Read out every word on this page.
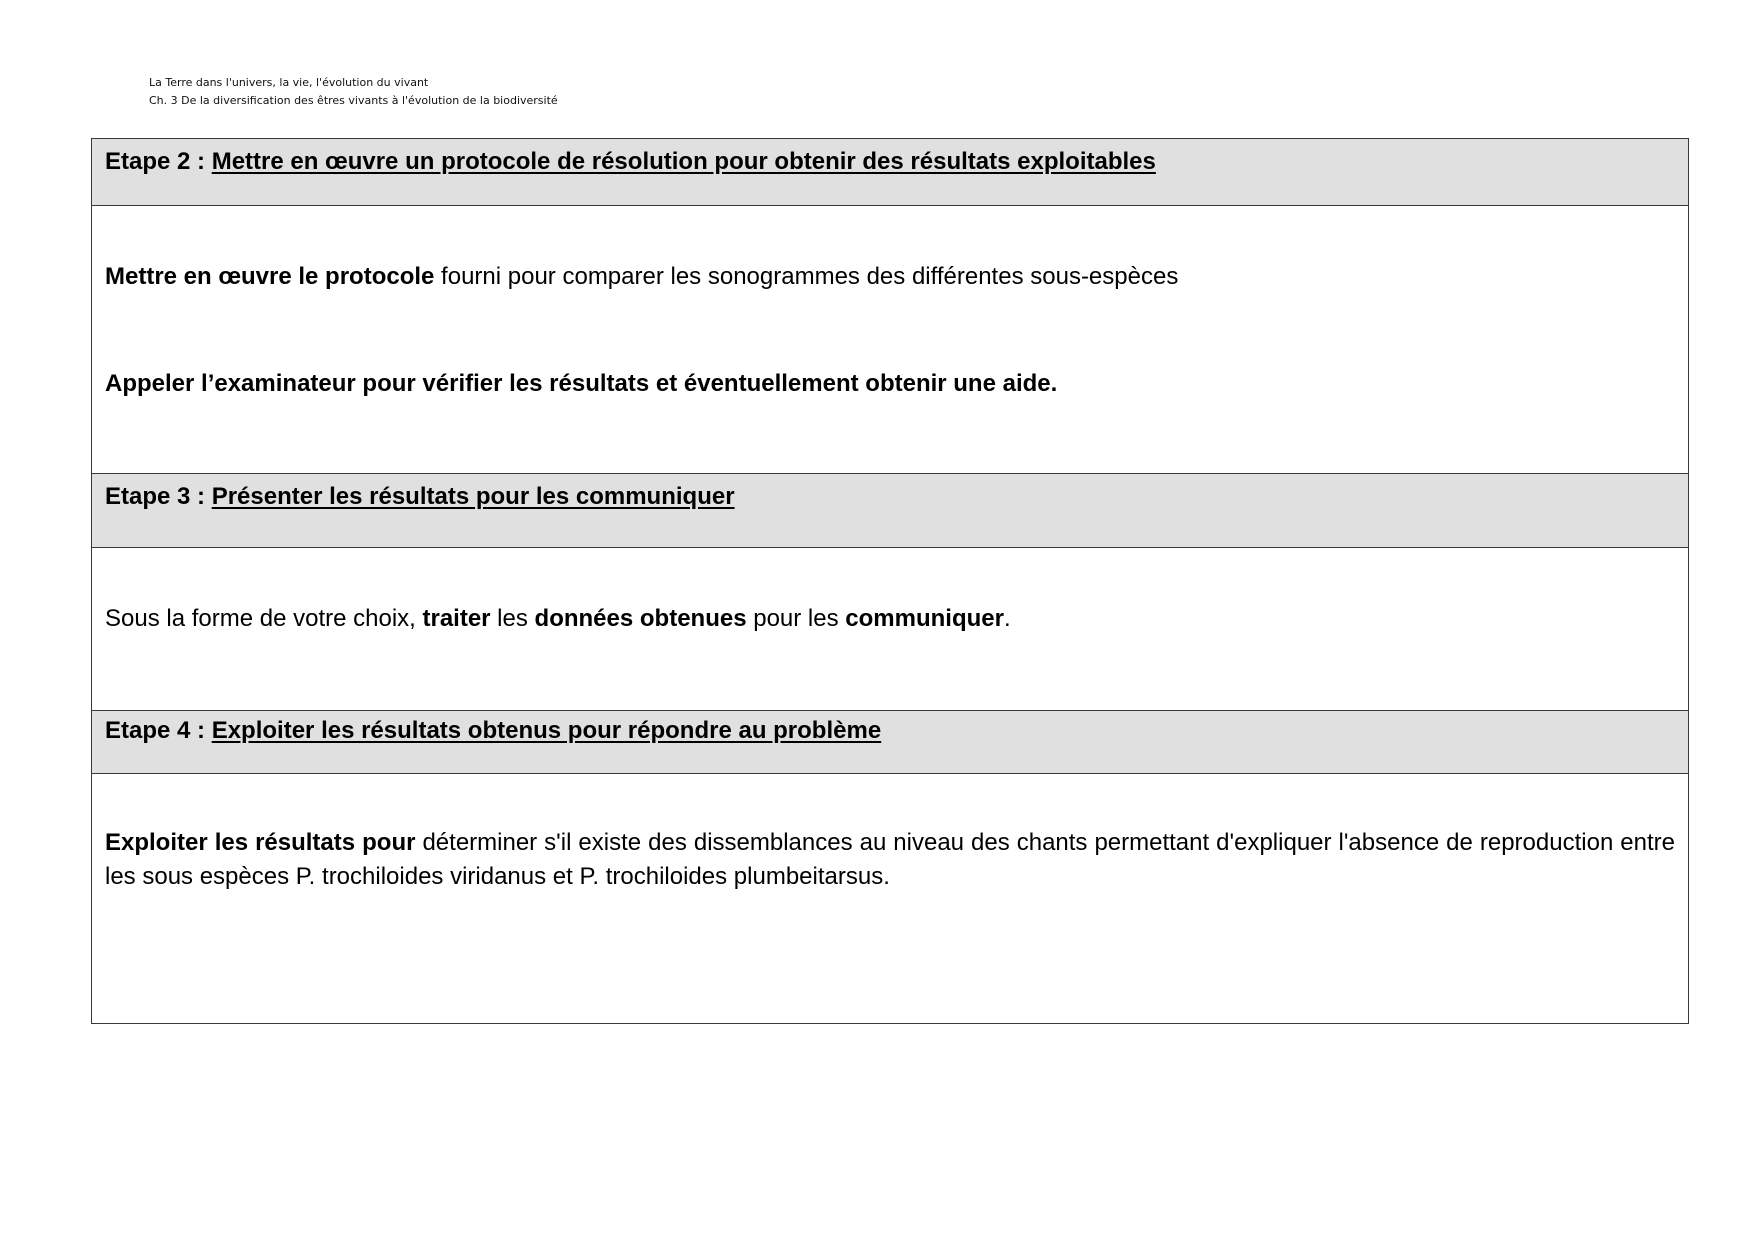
La Terre dans l'univers, la vie, l'évolution du vivant
Ch. 3 De la diversification des êtres vivants à l'évolution de la biodiversité
Etape 2 : Mettre en œuvre un protocole de résolution pour obtenir des résultats exploitables

Mettre en œuvre le protocole fourni pour comparer les sonogrammes des différentes sous-espèces

Appeler l’examinateur pour vérifier les résultats et éventuellement obtenir une aide.

Etape 3 : Présenter les résultats pour les communiquer

Sous la forme de votre choix, traiter les données obtenues pour les communiquer.

Etape 4 : Exploiter les résultats obtenus pour répondre au problème

Exploiter les résultats pour déterminer s'il existe des dissemblances au niveau des chants permettant d'expliquer l'absence de reproduction entre les sous espèces P. trochiloides viridanus et P. trochiloides plumbeitarsus.
